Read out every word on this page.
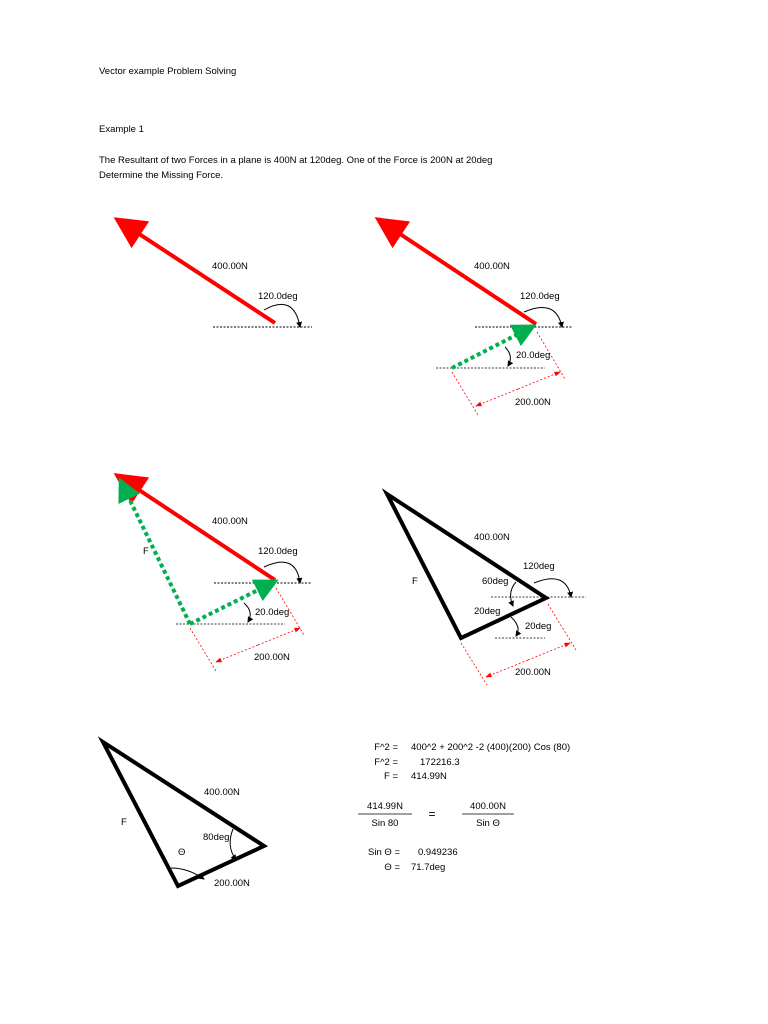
Vector example Problem Solving
Example 1
The Resultant of two Forces in a plane is 400N at 120deg. One of the Force is 200N at 20deg
Determine the Missing Force.
400.00N
120.0deg
400.00N
120.0deg
20.0deg
200.00N
400.00N
120.0deg
20.0deg
200.00N
F
400.00N
120deg
60deg
20deg
20deg
200.00N
F
400.00N
80deg
Θ
200.00N
F
F^2 = 400^2 + 200^2 -2 (400)(200) Cos (80)
F^2 = 172216.3
F = 414.99N
414.99N
Sin 80
=
400.00N
Sin Θ
Sin Θ = 0.949236
Θ = 71.7deg
